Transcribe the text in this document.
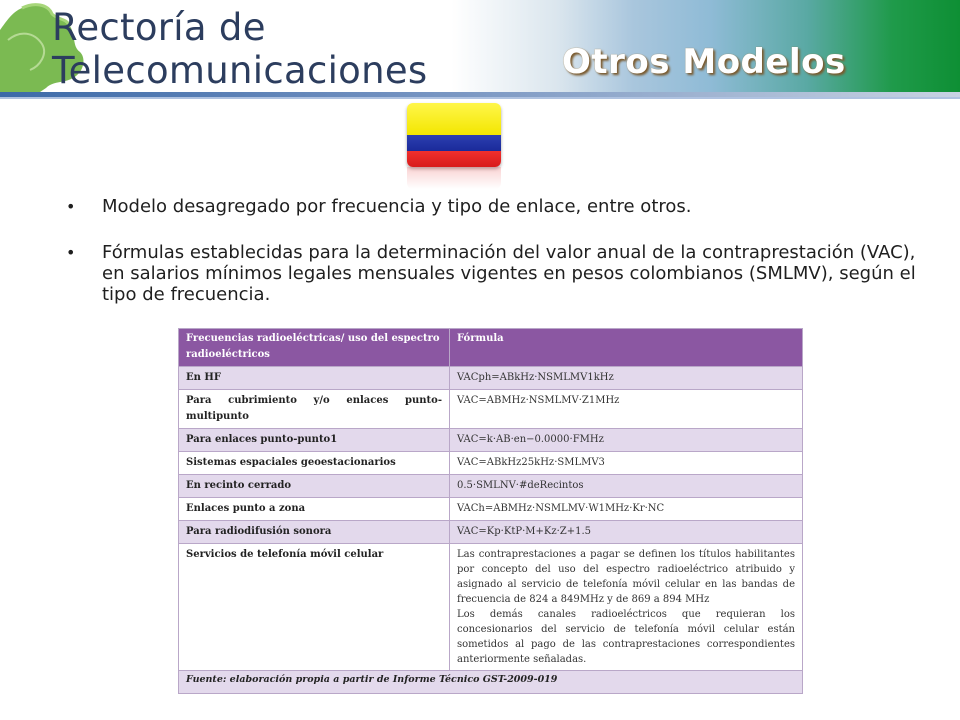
Rectoría de
Telecomunicaciones	Otros Modelos
• Modelo desagregado por frecuencia y tipo de enlace, entre otros.
• Fórmulas establecidas para la determinación del valor anual de la contraprestación (VAC), en salarios mínimos legales mensuales vigentes en pesos colombianos (SMLMV), según el tipo de frecuencia.
Frecuencias radioeléctricas/ uso del espectro radioeléctricos	Fórmula
En HF	VACph=ABkHz·NSMLMV1kHz
Para cubrimiento y/o enlaces punto-multipunto	VAC=ABMHz·NSMLMV·Z1MHz
Para enlaces punto-punto1	VAC=k·AB·en−0.0000·FMHz
Sistemas espaciales geoestacionarios	VAC=ABkHz25kHz·SMLMV3
En recinto cerrado	0.5·SMLNV·#deRecintos
Enlaces punto a zona	VACh=ABMHz·NSMLMV·W1MHz·Kr·NC
Para radiodifusión sonora	VAC=Kp·KtP·M+Kz·Z+1.5
Servicios de telefonía móvil celular	Las contraprestaciones a pagar se definen los títulos habilitantes por concepto del uso del espectro radioeléctrico atribuido y asignado al servicio de telefonía móvil celular en las bandas de frecuencia de 824 a 849MHz y de 869 a 894 MHz
Los demás canales radioeléctricos que requieran los concesionarios del servicio de telefonía móvil celular están sometidos al pago de las contraprestaciones correspondientes anteriormente señaladas.

Fuente: elaboración propia a partir de Informe Técnico GST-2009-019	
